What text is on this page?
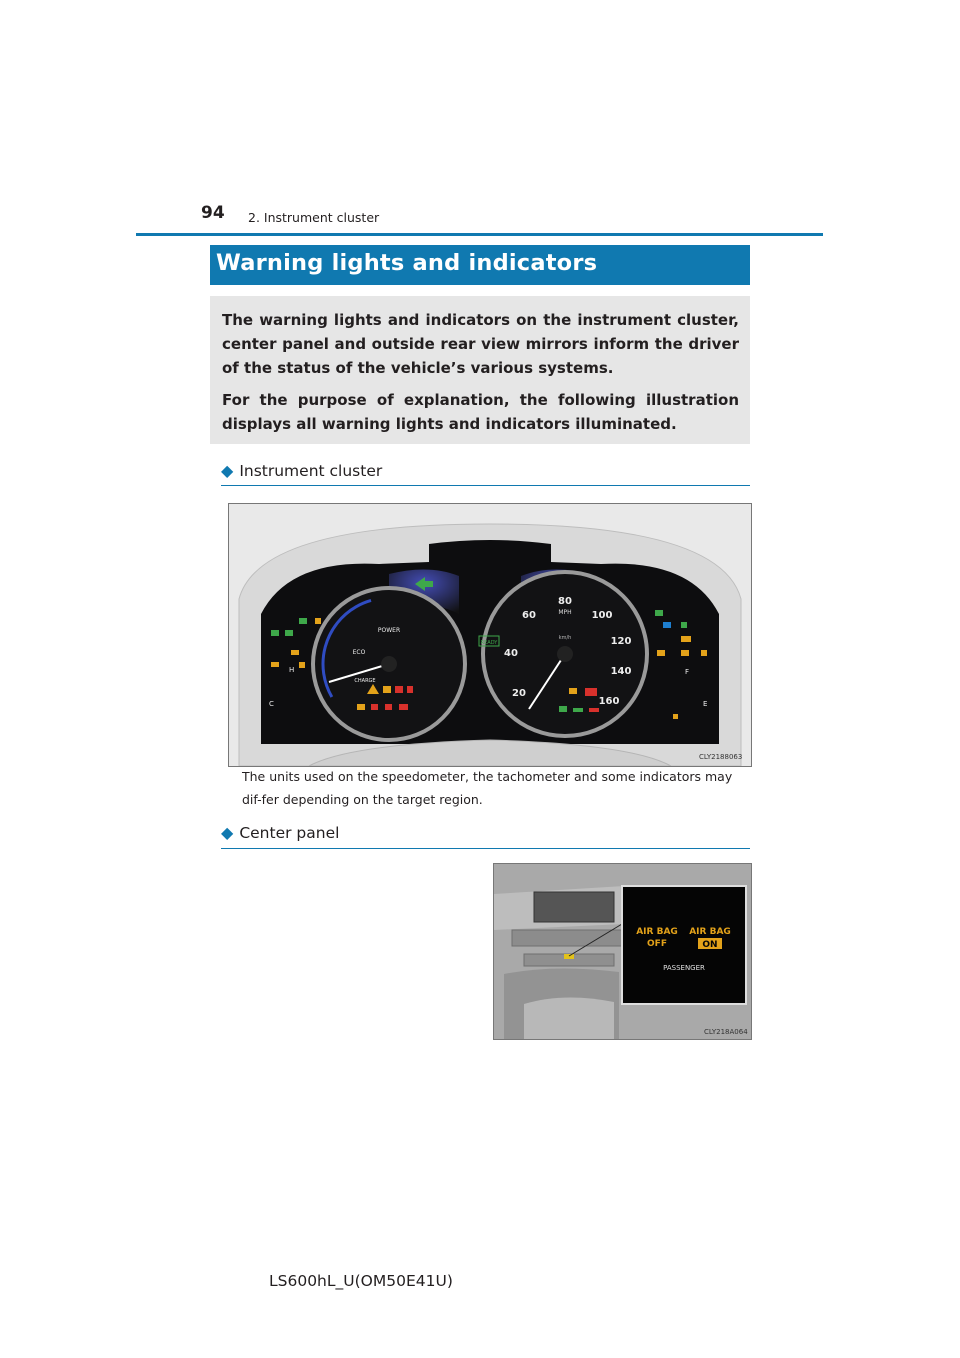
94 2. Instrument cluster
Warning lights and indicators

The warning lights and indicators on the instrument cluster, center panel and outside rear view mirrors inform the driver of the status of the vehicle’s various systems.

For the purpose of explanation, the following illustration displays all warning lights and indicators illuminated.

◆ Instrument cluster
POWER
ECO
CHARGE
20
40
60
80
100
120
140
160
MPH
km/h
READY
H
C
F
E
CLY2188063
The units used on the speedometer, the tachometer and some indicators may dif-fer depending on the target region.
◆ Center panel
AIR BAG
OFF
AIR BAG
ON
PASSENGER
CLY218A064
LS600hL_U(OM50E41U)
